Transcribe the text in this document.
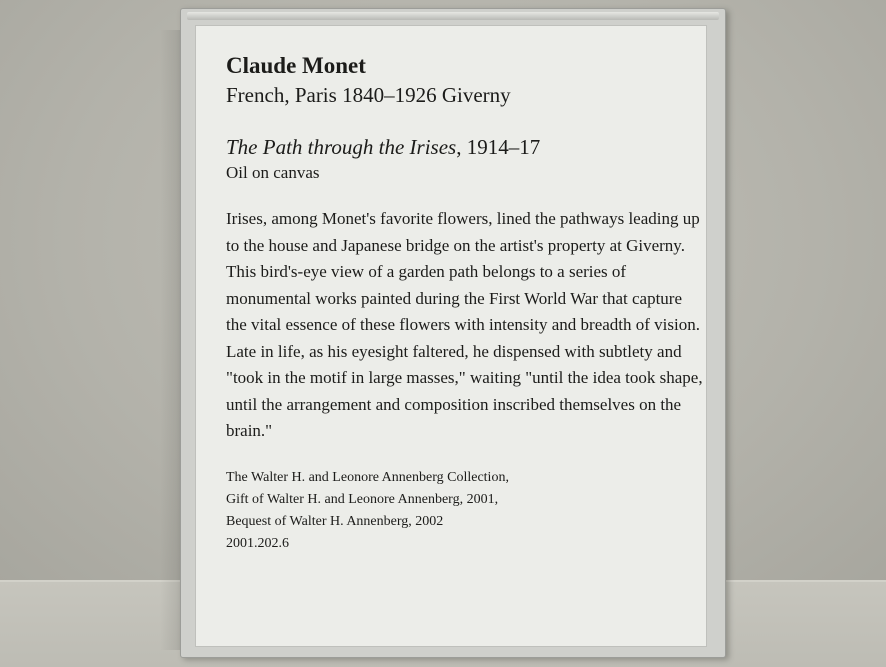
Claude Monet

French, Paris 1840–1926 Giverny

The Path through the Irises, 1914–17

Oil on canvas

Irises, among Monet's favorite flowers, lined the pathways leading up to the house and Japanese bridge on the artist's property at Giverny. This bird's-eye view of a garden path belongs to a series of monumental works painted during the First World War that capture the vital essence of these flowers with intensity and breadth of vision. Late in life, as his eyesight faltered, he dispensed with subtlety and "took in the motif in large masses," waiting "until the idea took shape, until the arrangement and composition inscribed themselves on the brain."

The Walter H. and Leonore Annenberg Collection,
Gift of Walter H. and Leonore Annenberg, 2001,
Bequest of Walter H. Annenberg, 2002
2001.202.6
